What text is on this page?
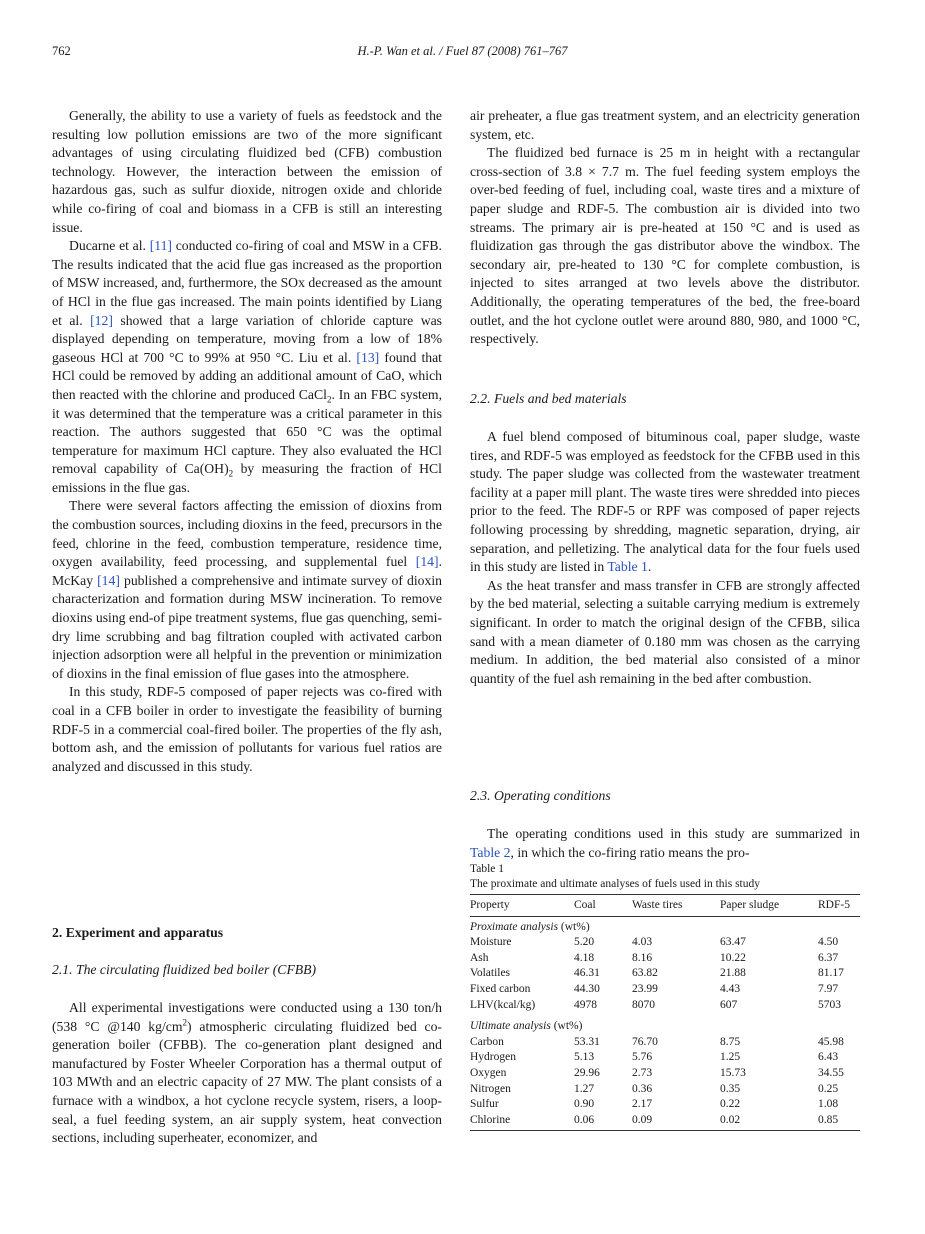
762	H.-P. Wan et al. / Fuel 87 (2008) 761–767

Generally, the ability to use a variety of fuels as feedstock and the resulting low pollution emissions are two of the more significant advantages of using circulating fluidized bed (CFB) combustion technology. However, the interaction between the emission of hazardous gas, such as sulfur dioxide, nitrogen oxide and chloride while co-firing of coal and biomass in a CFB is still an interesting issue.

Ducarne et al. [11] conducted co-firing of coal and MSW in a CFB. The results indicated that the acid flue gas increased as the proportion of MSW increased, and, furthermore, the SOx decreased as the amount of HCl in the flue gas increased. The main points identified by Liang et al. [12] showed that a large variation of chloride capture was displayed depending on temperature, moving from a low of 18% gaseous HCl at 700 °C to 99% at 950 °C. Liu et al. [13] found that HCl could be removed by adding an additional amount of CaO, which then reacted with the chlorine and produced CaCl$_2$. In an FBC system, it was determined that the temperature was a critical parameter in this reaction. The authors suggested that 650 °C was the optimal temperature for maximum HCl capture. They also evaluated the HCl removal capability of $Ca(OH)_2$ by measuring the fraction of HCl emissions in the flue gas.

There were several factors affecting the emission of dioxins from the combustion sources, including dioxins in the feed, precursors in the feed, chlorine in the feed, combustion temperature, residence time, oxygen availability, feed processing, and supplemental fuel [14]. McKay [14] published a comprehensive and intimate survey of dioxin characterization and formation during MSW incineration. To remove dioxins using end-of pipe treatment systems, flue gas quenching, semi-dry lime scrubbing and bag filtration coupled with activated carbon injection adsorption were all helpful in the prevention or minimization of dioxins in the final emission of flue gases into the atmosphere.

In this study, RDF-5 composed of paper rejects was co-fired with coal in a CFB boiler in order to investigate the feasibility of burning RDF-5 in a commercial coal-fired boiler. The properties of the fly ash, bottom ash, and the emission of pollutants for various fuel ratios are analyzed and discussed in this study.

2. Experiment and apparatus
2.1. The circulating fluidized bed boiler (CFBB)

All experimental investigations were conducted using a 130 ton/h (538 °C @140 $kg/cm^2$) atmospheric circulating fluidized bed co-generation boiler (CFBB). The co-generation plant designed and manufactured by Foster Wheeler Corporation has a thermal output of 103 MWth and an electric capacity of 27 MW. The plant consists of a furnace with a windbox, a hot cyclone recycle system, risers, a loop-seal, a fuel feeding system, an air supply system, heat convection sections, including superheater, economizer, and

air preheater, a flue gas treatment system, and an electricity generation system, etc.

The fluidized bed furnace is 25 m in height with a rectangular cross-section of 3.8 × 7.7 m. The fuel feeding system employs the over-bed feeding of fuel, including coal, waste tires and a mixture of paper sludge and RDF-5. The combustion air is divided into two streams. The primary air is pre-heated at 150 °C and is used as fluidization gas through the gas distributor above the windbox. The secondary air, pre-heated to 130 °C for complete combustion, is injected to sites arranged at two levels above the distributor. Additionally, the operating temperatures of the bed, the free-board outlet, and the hot cyclone outlet were around 880, 980, and 1000 °C, respectively.

2.2. Fuels and bed materials

A fuel blend composed of bituminous coal, paper sludge, waste tires, and RDF-5 was employed as feedstock for the CFBB used in this study. The paper sludge was collected from the wastewater treatment facility at a paper mill plant. The waste tires were shredded into pieces prior to the feed. The RDF-5 or RPF was composed of paper rejects following processing by shredding, magnetic separation, drying, air separation, and pelletizing. The analytical data for the four fuels used in this study are listed in Table 1.

As the heat transfer and mass transfer in CFB are strongly affected by the bed material, selecting a suitable carrying medium is extremely significant. In order to match the original design of the CFBB, silica sand with a mean diameter of 0.180 mm was chosen as the carrying medium. In addition, the bed material also consisted of a minor quantity of the fuel ash remaining in the bed after combustion.

2.3. Operating conditions

The operating conditions used in this study are summarized in Table 2, in which the co-firing ratio means the pro-

Table 1
The proximate and ultimate analyses of fuels used in this study
Property	Coal	Waste tires	Paper sludge	RDF-5
Proximate analysis (wt%)				
Moisture	5.20	4.03	63.47	4.50
Ash	4.18	8.16	10.22	6.37
Volatiles	46.31	63.82	21.88	81.17
Fixed carbon	44.30	23.99	4.43	7.97
LHV(kcal/kg)	4978	8070	607	5703
Ultimate analysis (wt%)				
Carbon	53.31	76.70	8.75	45.98
Hydrogen	5.13	5.76	1.25	6.43
Oxygen	29.96	2.73	15.73	34.55
Nitrogen	1.27	0.36	0.35	0.25
Sulfur	0.90	2.17	0.22	1.08
Chlorine	0.06	0.09	0.02	0.85
